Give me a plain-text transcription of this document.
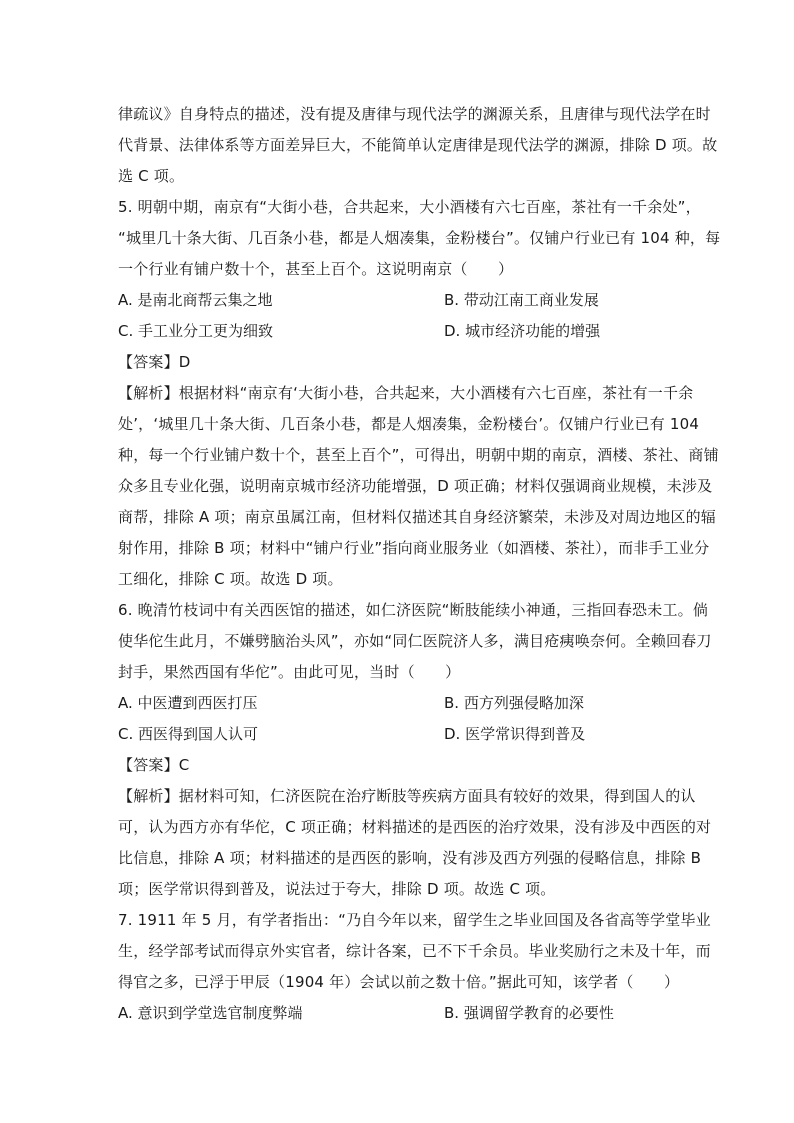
律疏议》自身特点的描述，没有提及唐律与现代法学的渊源关系，且唐律与现代法学在时
代背景、法律体系等方面差异巨大，不能简单认定唐律是现代法学的渊源，排除 D 项。故
选 C 项。
5. 明朝中期，南京有“大街小巷，合共起来，大小酒楼有六七百座，茶社有一千余处”，
“城里几十条大街、几百条小巷，都是人烟凑集，金粉楼台”。仅铺户行业已有 104 种，每
一个行业有铺户数十个，甚至上百个。这说明南京（　　）
A. 是南北商帮云集之地	B. 带动江南工商业发展
C. 手工业分工更为细致	D. 城市经济功能的增强
【答案】D
【解析】根据材料“南京有‘大街小巷，合共起来，大小酒楼有六七百座，茶社有一千余
处’，‘城里几十条大街、几百条小巷，都是人烟凑集，金粉楼台’。仅铺户行业已有 104
种，每一个行业铺户数十个，甚至上百个”，可得出，明朝中期的南京，酒楼、茶社、商铺
众多且专业化强，说明南京城市经济功能增强，D 项正确；材料仅强调商业规模，未涉及
商帮，排除 A 项；南京虽属江南，但材料仅描述其自身经济繁荣，未涉及对周边地区的辐
射作用，排除 B 项；材料中“铺户行业”指向商业服务业（如酒楼、茶社），而非手工业分
工细化，排除 C 项。故选 D 项。
6. 晚清竹枝词中有关西医馆的描述，如仁济医院“断肢能续小神通，三指回春恐未工。倘
使华佗生此月，不嫌劈脑治头风”，亦如“同仁医院济人多，满目疮痍唤奈何。全赖回春刀
封手，果然西国有华佗”。由此可见，当时（　　）
A. 中医遭到西医打压	B. 西方列强侵略加深
C. 西医得到国人认可	D. 医学常识得到普及
【答案】C
【解析】据材料可知，仁济医院在治疗断肢等疾病方面具有较好的效果，得到国人的认
可，认为西方亦有华佗，C 项正确；材料描述的是西医的治疗效果，没有涉及中西医的对
比信息，排除 A 项；材料描述的是西医的影响，没有涉及西方列强的侵略信息，排除 B
项；医学常识得到普及，说法过于夸大，排除 D 项。故选 C 项。
7. 1911 年 5 月，有学者指出：“乃自今年以来，留学生之毕业回国及各省高等学堂毕业
生，经学部考试而得京外实官者，综计各案，已不下千余员。毕业奖励行之未及十年，而
得官之多，已浮于甲辰（1904 年）会试以前之数十倍。”据此可知，该学者（　　）
A. 意识到学堂选官制度弊端	B. 强调留学教育的必要性
